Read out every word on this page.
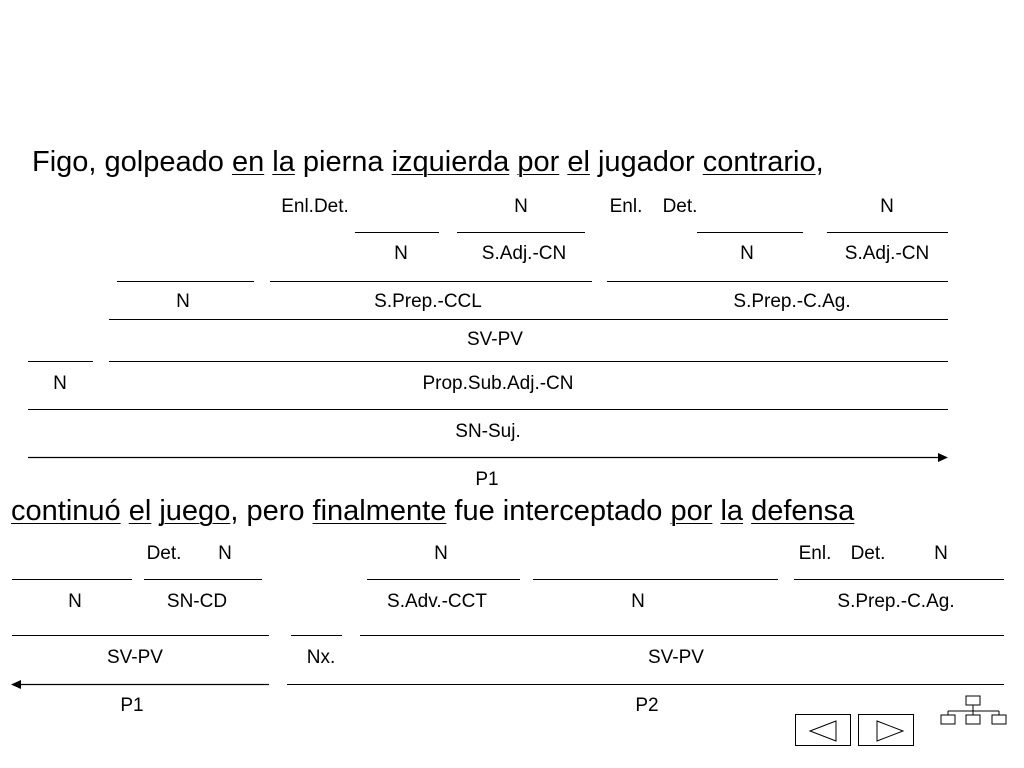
Figo, golpeado en la pierna izquierda por el jugador contrario,
Enl.Det.	N	Enl. Det.	N
N	S.Adj.-CN	N	S.Adj.-CN
N	S.Prep.-CCL	S.Prep.-C.Ag.
SV-PV
N	Prop.Sub.Adj.-CN
SN-Suj.
P1
continuó el juego, pero finalmente fue interceptado por la defensa
Det. N	N	Enl. Det.	N
N	SN-CD	S.Adv.-CCT	N	S.Prep.-C.Ag.
SV-PV	Nx.	SV-PV
P1	P2
